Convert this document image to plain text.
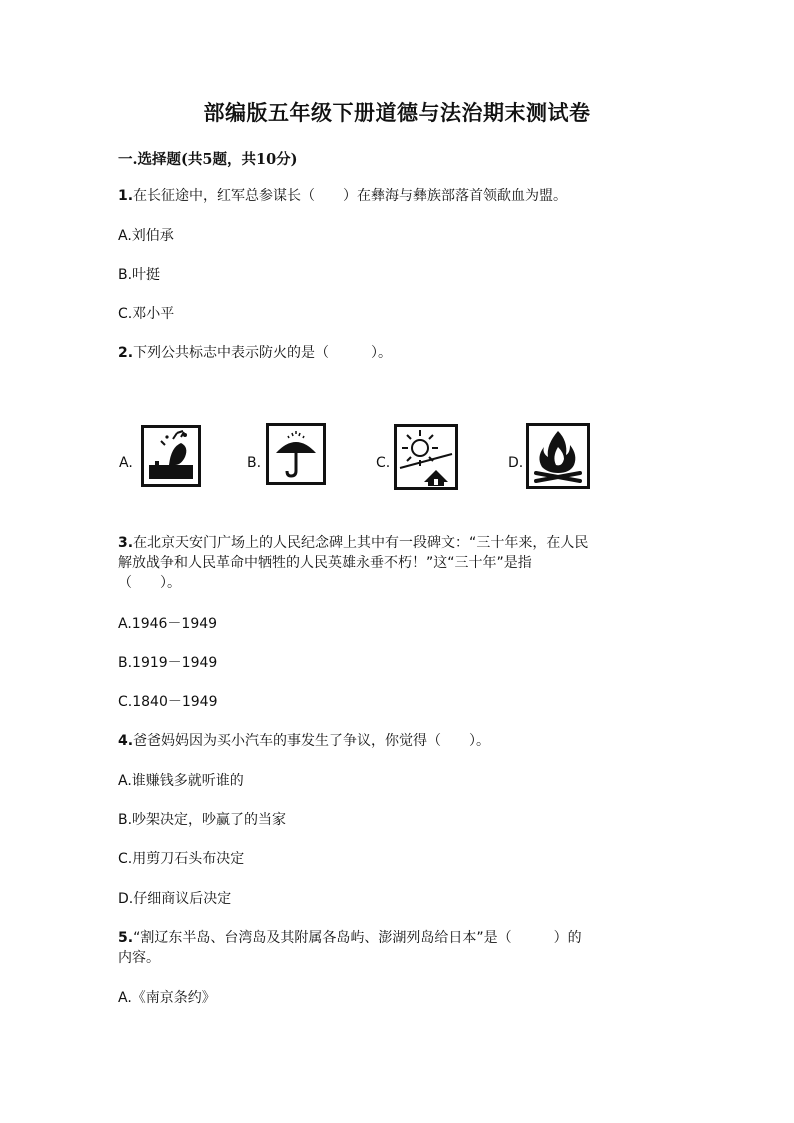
部编版五年级下册道德与法治期末测试卷
一.选择题(共5题，共10分)
1.在长征途中，红军总参谋长（　　）在彝海与彝族部落首领歃血为盟。
A.刘伯承
B.叶挺
C.邓小平
2.下列公共标志中表示防火的是（　　　）。
A.	B.	C.	D.
3.在北京天安门广场上的人民纪念碑上其中有一段碑文：“三十年来，在人民
解放战争和人民革命中牺牲的人民英雄永垂不朽！”这“三十年”是指
（　　）。
A.1946－1949
B.1919－1949
C.1840－1949
4.爸爸妈妈因为买小汽车的事发生了争议，你觉得（　　）。
A.谁赚钱多就听谁的
B.吵架决定，吵赢了的当家
C.用剪刀石头布决定
D.仔细商议后决定
5.“割辽东半岛、台湾岛及其附属各岛屿、澎湖列岛给日本”是（　　　）的
内容。
A.《南京条约》
